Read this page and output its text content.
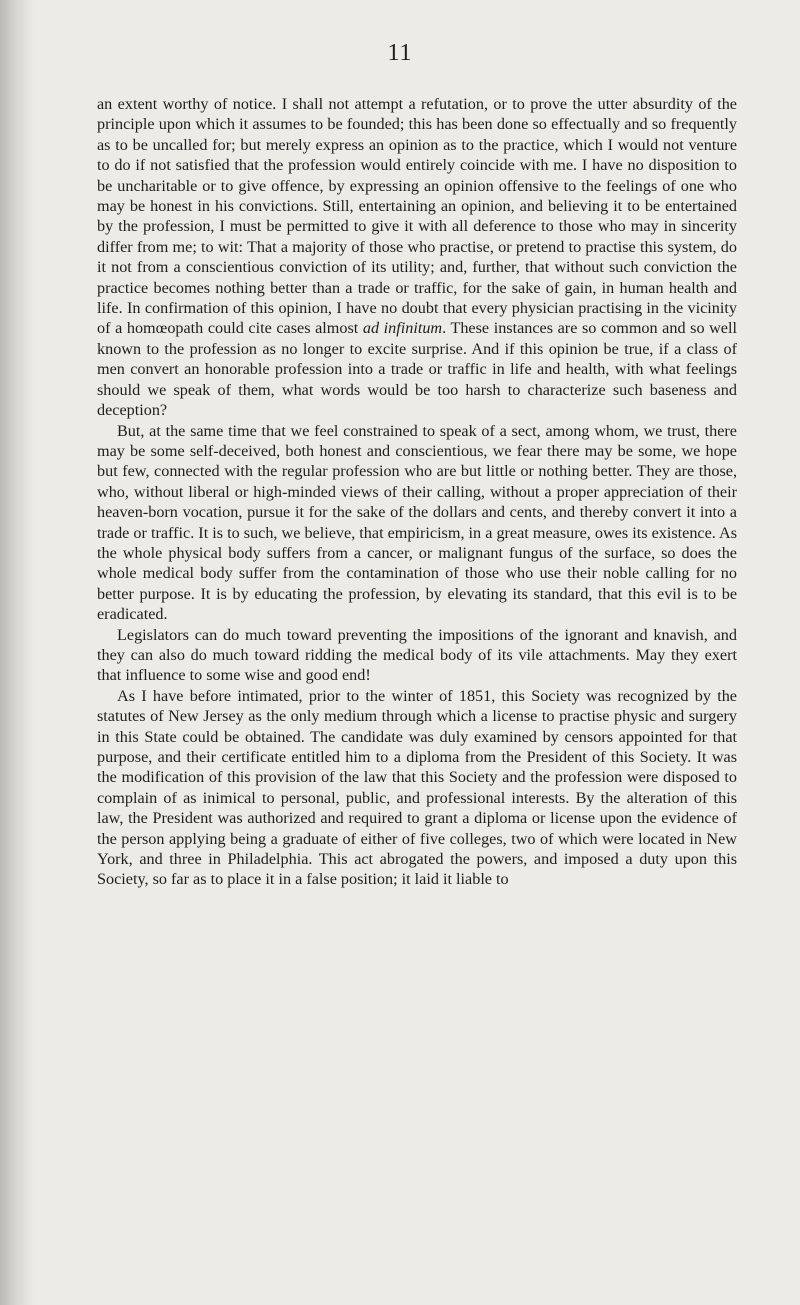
11

an extent worthy of notice. I shall not attempt a refutation, or to prove the utter absurdity of the principle upon which it assumes to be founded; this has been done so effectually and so frequently as to be uncalled for; but merely express an opinion as to the practice, which I would not venture to do if not satisfied that the profession would entirely coincide with me. I have no disposition to be uncharitable or to give offence, by expressing an opinion offensive to the feelings of one who may be honest in his convictions. Still, entertaining an opinion, and believing it to be entertained by the profession, I must be permitted to give it with all deference to those who may in sincerity differ from me; to wit: That a majority of those who practise, or pretend to practise this system, do it not from a conscientious conviction of its utility; and, further, that without such conviction the practice becomes nothing better than a trade or traffic, for the sake of gain, in human health and life. In confirmation of this opinion, I have no doubt that every physician practising in the vicinity of a homœopath could cite cases almost ad infinitum. These instances are so common and so well known to the profession as no longer to excite surprise. And if this opinion be true, if a class of men convert an honorable profession into a trade or traffic in life and health, with what feelings should we speak of them, what words would be too harsh to characterize such baseness and deception?

But, at the same time that we feel constrained to speak of a sect, among whom, we trust, there may be some self-deceived, both honest and conscientious, we fear there may be some, we hope but few, connected with the regular profession who are but little or nothing better. They are those, who, without liberal or high-minded views of their calling, without a proper appreciation of their heaven-born vocation, pursue it for the sake of the dollars and cents, and thereby convert it into a trade or traffic. It is to such, we believe, that empiricism, in a great measure, owes its existence. As the whole physical body suffers from a cancer, or malignant fungus of the surface, so does the whole medical body suffer from the contamination of those who use their noble calling for no better purpose. It is by educating the profession, by elevating its standard, that this evil is to be eradicated.

Legislators can do much toward preventing the impositions of the ignorant and knavish, and they can also do much toward ridding the medical body of its vile attachments. May they exert that influence to some wise and good end!

As I have before intimated, prior to the winter of 1851, this Society was recognized by the statutes of New Jersey as the only medium through which a license to practise physic and surgery in this State could be obtained. The candidate was duly examined by censors appointed for that purpose, and their certificate entitled him to a diploma from the President of this Society. It was the modification of this provision of the law that this Society and the profession were disposed to complain of as inimical to personal, public, and professional interests. By the alteration of this law, the President was authorized and required to grant a diploma or license upon the evidence of the person applying being a graduate of either of five colleges, two of which were located in New York, and three in Philadelphia. This act abrogated the powers, and imposed a duty upon this Society, so far as to place it in a false position; it laid it liable to
